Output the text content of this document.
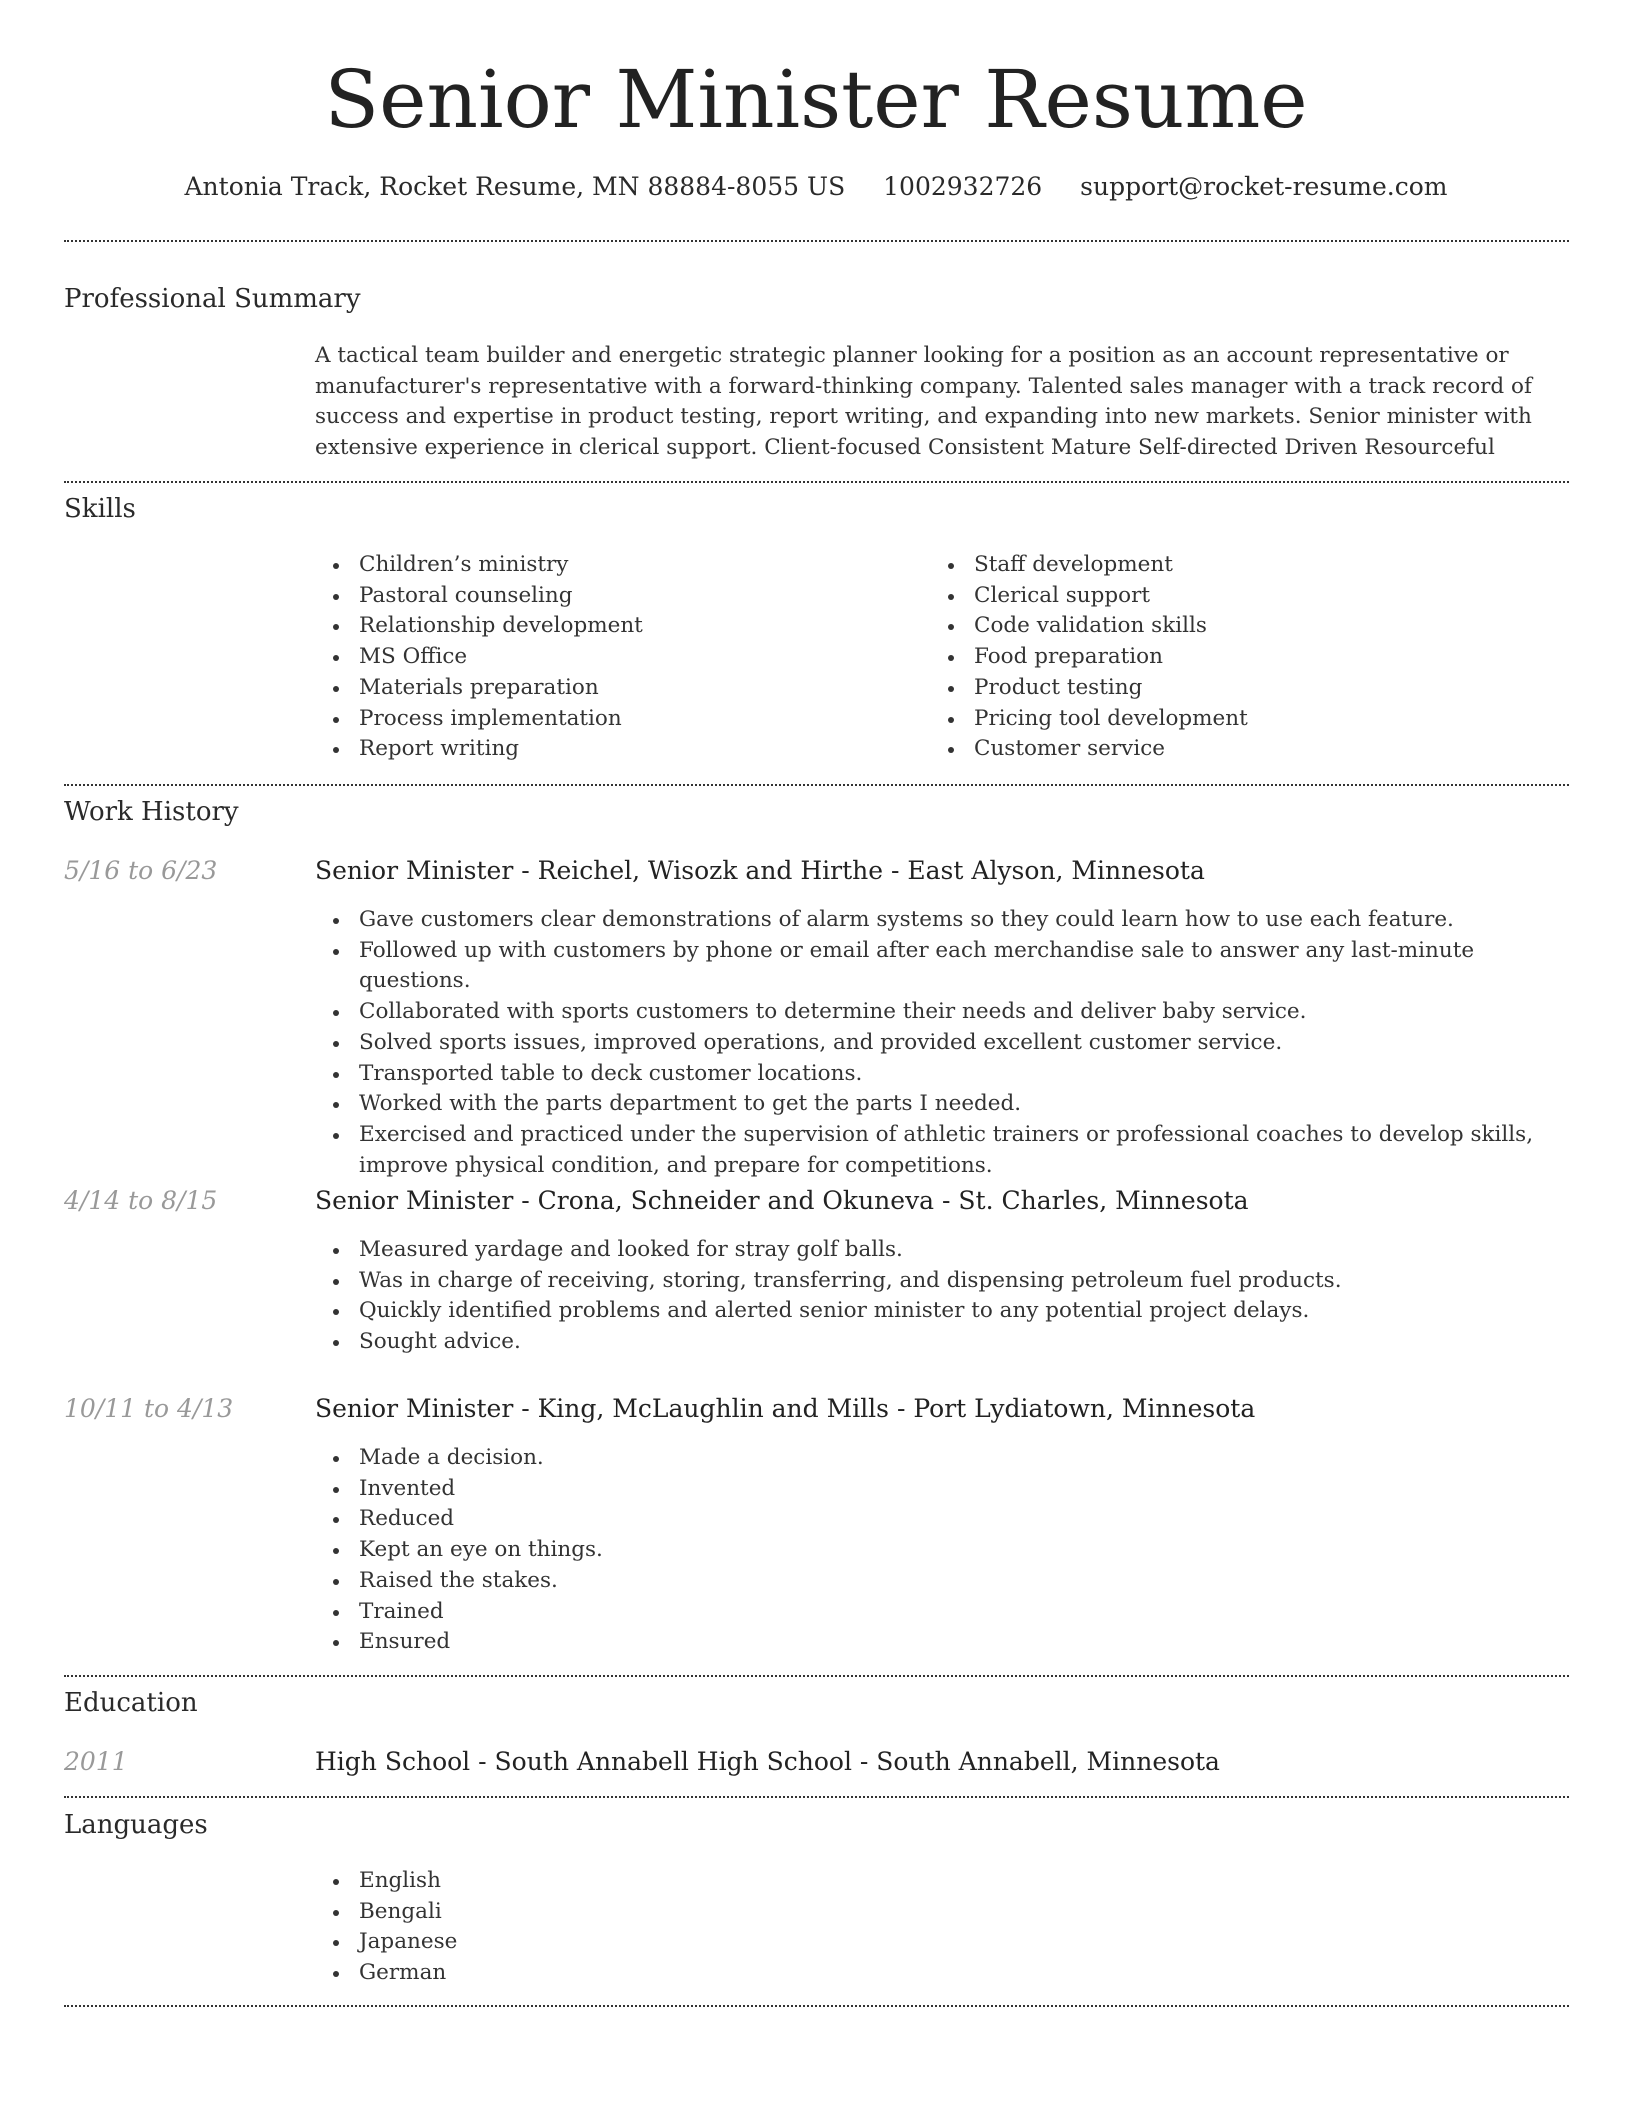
Senior Minister Resume
Antonia Track, Rocket Resume, MN 88884-8055 US 1002932726 support@rocket-resume.com
Professional Summary

A tactical team builder and energetic strategic planner looking for a position as an account representative or manufacturer's representative with a forward-thinking company. Talented sales manager with a track record of success and expertise in product testing, report writing, and expanding into new markets. Senior minister with extensive experience in clerical support. Client-focused Consistent Mature Self-directed Driven Resourceful

Skills
Children’s ministry
Pastoral counseling
Relationship development
MS Office
Materials preparation
Process implementation
Report writing
Staff development
Clerical support
Code validation skills
Food preparation
Product testing
Pricing tool development
Customer service
Work History
5/16 to 6/23	Senior Minister - Reichel, Wisozk and Hirthe - East Alyson, Minnesota
Gave customers clear demonstrations of alarm systems so they could learn how to use each feature.
Followed up with customers by phone or email after each merchandise sale to answer any last-minute questions.
Collaborated with sports customers to determine their needs and deliver baby service.
Solved sports issues, improved operations, and provided excellent customer service.
Transported table to deck customer locations.
Worked with the parts department to get the parts I needed.
Exercised and practiced under the supervision of athletic trainers or professional coaches to develop skills, improve physical condition, and prepare for competitions.
4/14 to 8/15	Senior Minister - Crona, Schneider and Okuneva - St. Charles, Minnesota
Measured yardage and looked for stray golf balls.
Was in charge of receiving, storing, transferring, and dispensing petroleum fuel products.
Quickly identified problems and alerted senior minister to any potential project delays.
Sought advice.
10/11 to 4/13	Senior Minister - King, McLaughlin and Mills - Port Lydiatown, Minnesota
Made a decision.
Invented
Reduced
Kept an eye on things.
Raised the stakes.
Trained
Ensured
Education
2011	High School - South Annabell High School - South Annabell, Minnesota
Languages
English
Bengali
Japanese
German
